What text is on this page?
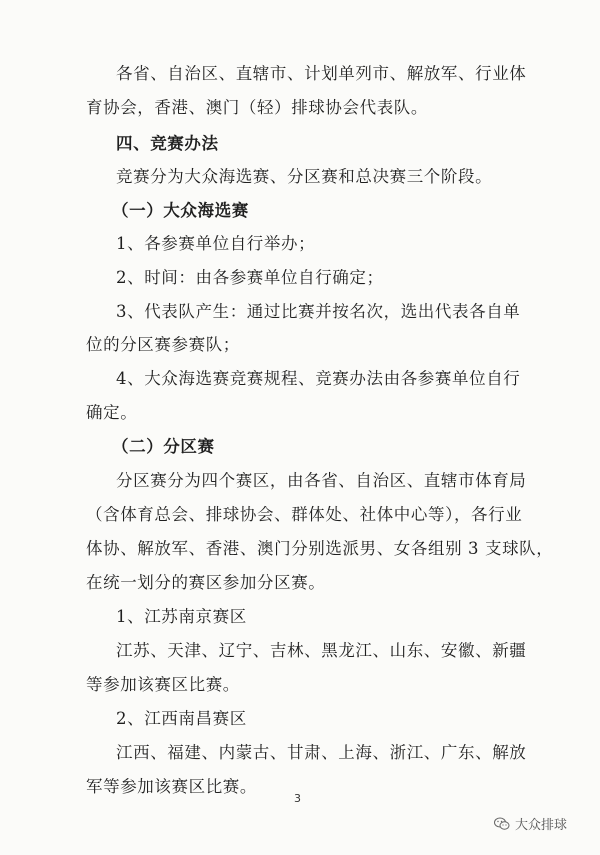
各省、自治区、直辖市、计划单列市、解放军、行业体
育协会，香港、澳门（轻）排球协会代表队。
四、竞赛办法
竞赛分为大众海选赛、分区赛和总决赛三个阶段。
（一）大众海选赛
1、各参赛单位自行举办；
2、时间：由各参赛单位自行确定；
3、代表队产生：通过比赛并按名次，选出代表各自单
位的分区赛参赛队；
4、大众海选赛竞赛规程、竞赛办法由各参赛单位自行
确定。
（二）分区赛
分区赛分为四个赛区，由各省、自治区、直辖市体育局
（含体育总会、排球协会、群体处、社体中心等），各行业
体协、解放军、香港、澳门分别选派男、女各组别 3 支球队，
在统一划分的赛区参加分区赛。
1、江苏南京赛区
江苏、天津、辽宁、吉林、黑龙江、山东、安徽、新疆
等参加该赛区比赛。
2、江西南昌赛区
江西、福建、内蒙古、甘肃、上海、浙江、广东、解放
军等参加该赛区比赛。
3
大众排球
